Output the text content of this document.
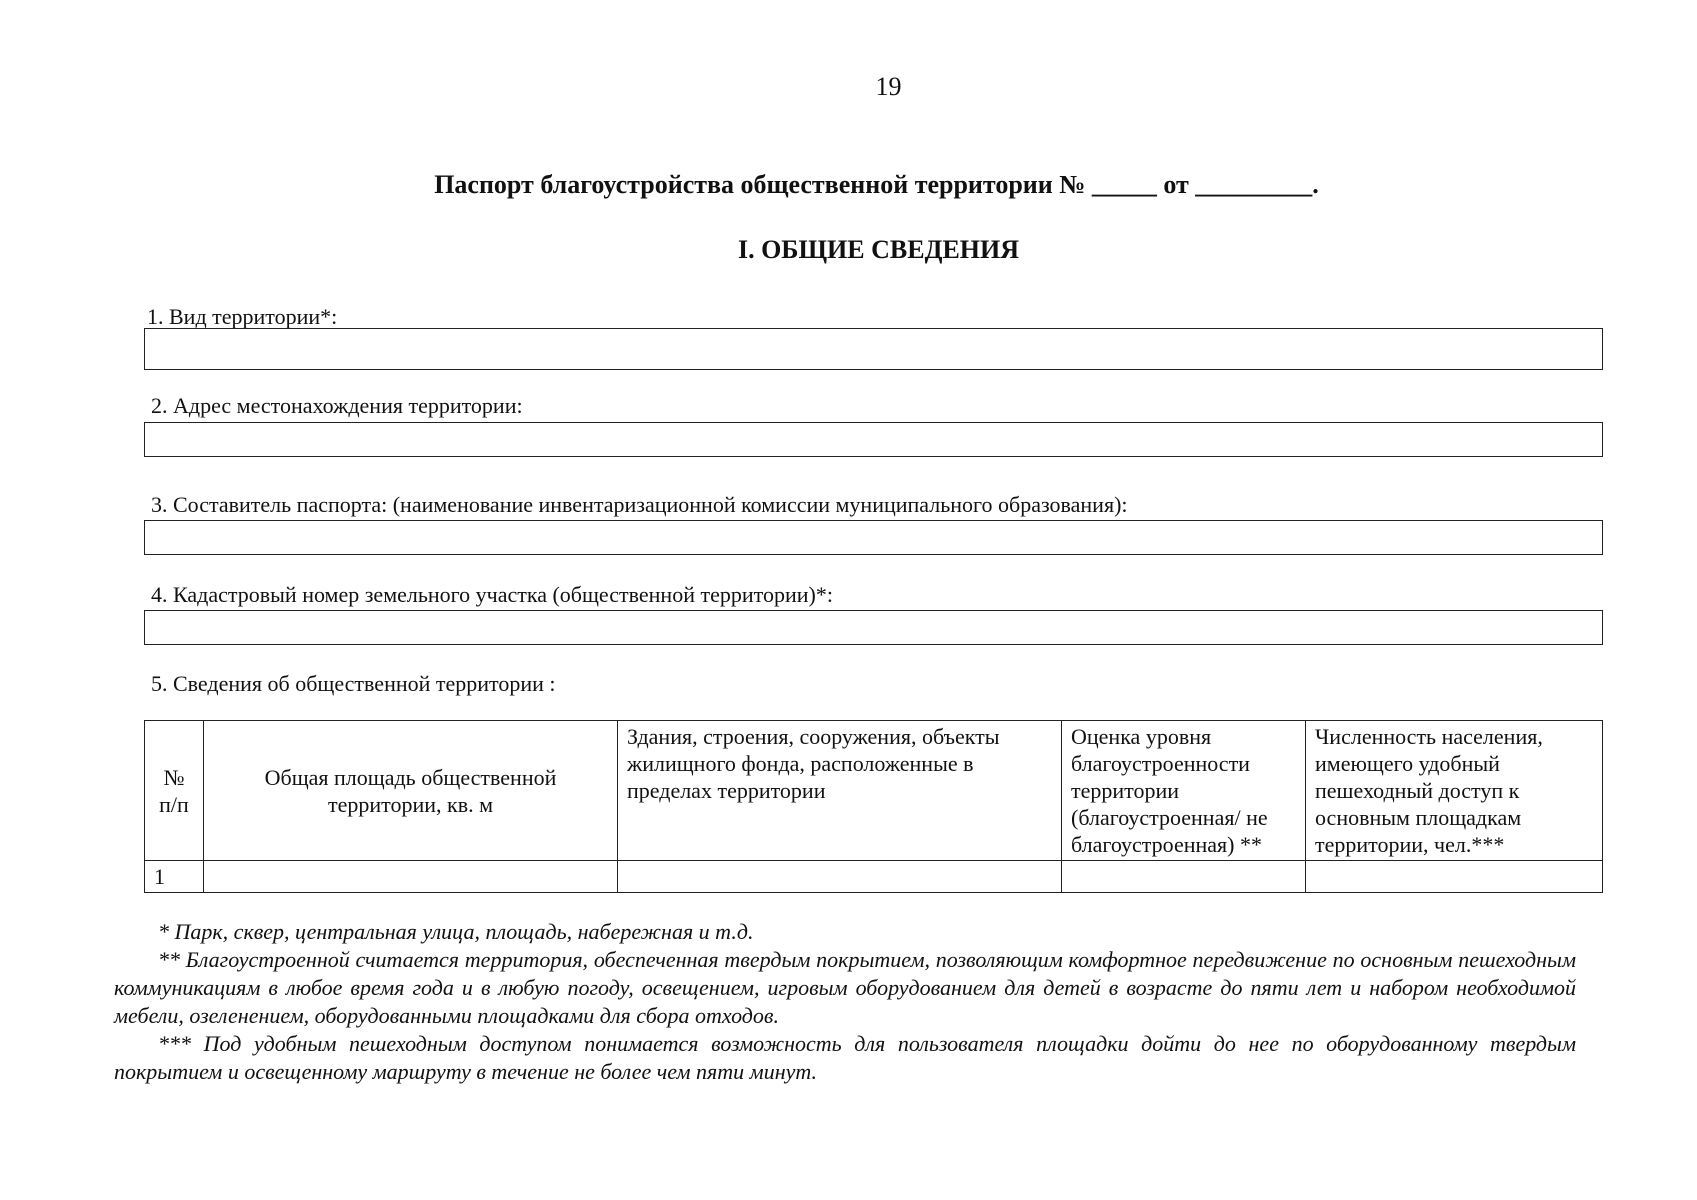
19
Паспорт благоустройства общественной территории № _____ от _________.
I. ОБЩИЕ СВЕДЕНИЯ
1. Вид территории*:
2. Адрес местонахождения территории:
3. Составитель паспорта: (наименование инвентаризационной комиссии муниципального образования):
4. Кадастровый номер земельного участка (общественной территории)*:
5. Сведения об общественной территории :
№ п/п	Общая площадь общественной территории, кв. м	Здания, строения, сооружения, объекты жилищного фонда, расположенные в пределах территории	Оценка уровня благоустроенности территории (благоустроенная/ не благоустроенная) **	Численность населения, имеющего удобный пешеходный доступ к основным площадкам территории, чел.***
1				

* Парк, сквер, центральная улица, площадь, набережная и т.д.

** Благоустроенной считается территория, обеспеченная твердым покрытием, позволяющим комфортное передвижение по основным пешеходным коммуникациям в любое время года и в любую погоду, освещением, игровым оборудованием для детей в возрасте до пяти лет и набором необходимой мебели, озеленением, оборудованными площадками для сбора отходов.

*** Под удобным пешеходным доступом понимается возможность для пользователя площадки дойти до нее по оборудованному твердым покрытием и освещенному маршруту в течение не более чем пяти минут.
